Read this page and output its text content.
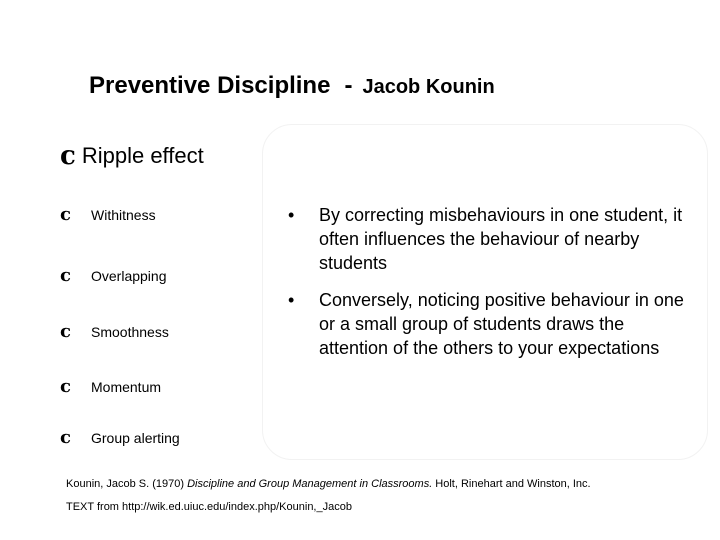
Preventive Discipline - Jacob Kounin
c Ripple effect
c Withitness
c Overlapping
c Smoothness
c Momentum
c Group alerting
• By correcting misbehaviours in one student, it often influences the behaviour of nearby students
• Conversely, noticing positive behaviour in one or a small group of students draws the attention of the others to your expectations
Kounin, Jacob S. (1970) Discipline and Group Management in Classrooms. Holt, Rinehart and Winston, Inc.
TEXT from http://wik.ed.uiuc.edu/index.php/Kounin,_Jacob
